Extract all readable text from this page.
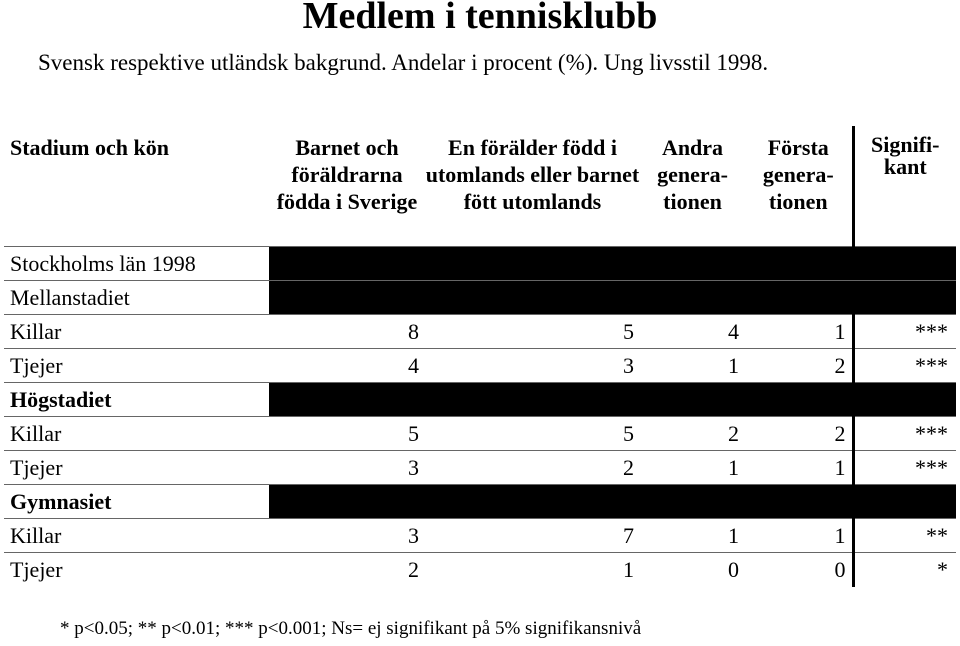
Medlem i tennisklubb
Svensk respektive utländsk bakgrund. Andelar i procent (%). Ung livsstil 1998.
Stadium och kön	Barnet och föräldrarna födda i Sverige	En förälder född i utomlands eller barnet fött utomlands	Andra genera-tionen	Första genera-tionen	Signifi-kant
Stockholms län 1998					
Mellanstadiet					
Killar	8	5	4	1	***
Tjejer	4	3	1	2	***
Högstadiet					
Killar	5	5	2	2	***
Tjejer	3	2	1	1	***
Gymnasiet					
Killar	3	7	1	1	**
Tjejer	2	1	0	0	*
* p<0.05; ** p<0.01; *** p<0.001; Ns= ej signifikant på 5% signifikansnivå
